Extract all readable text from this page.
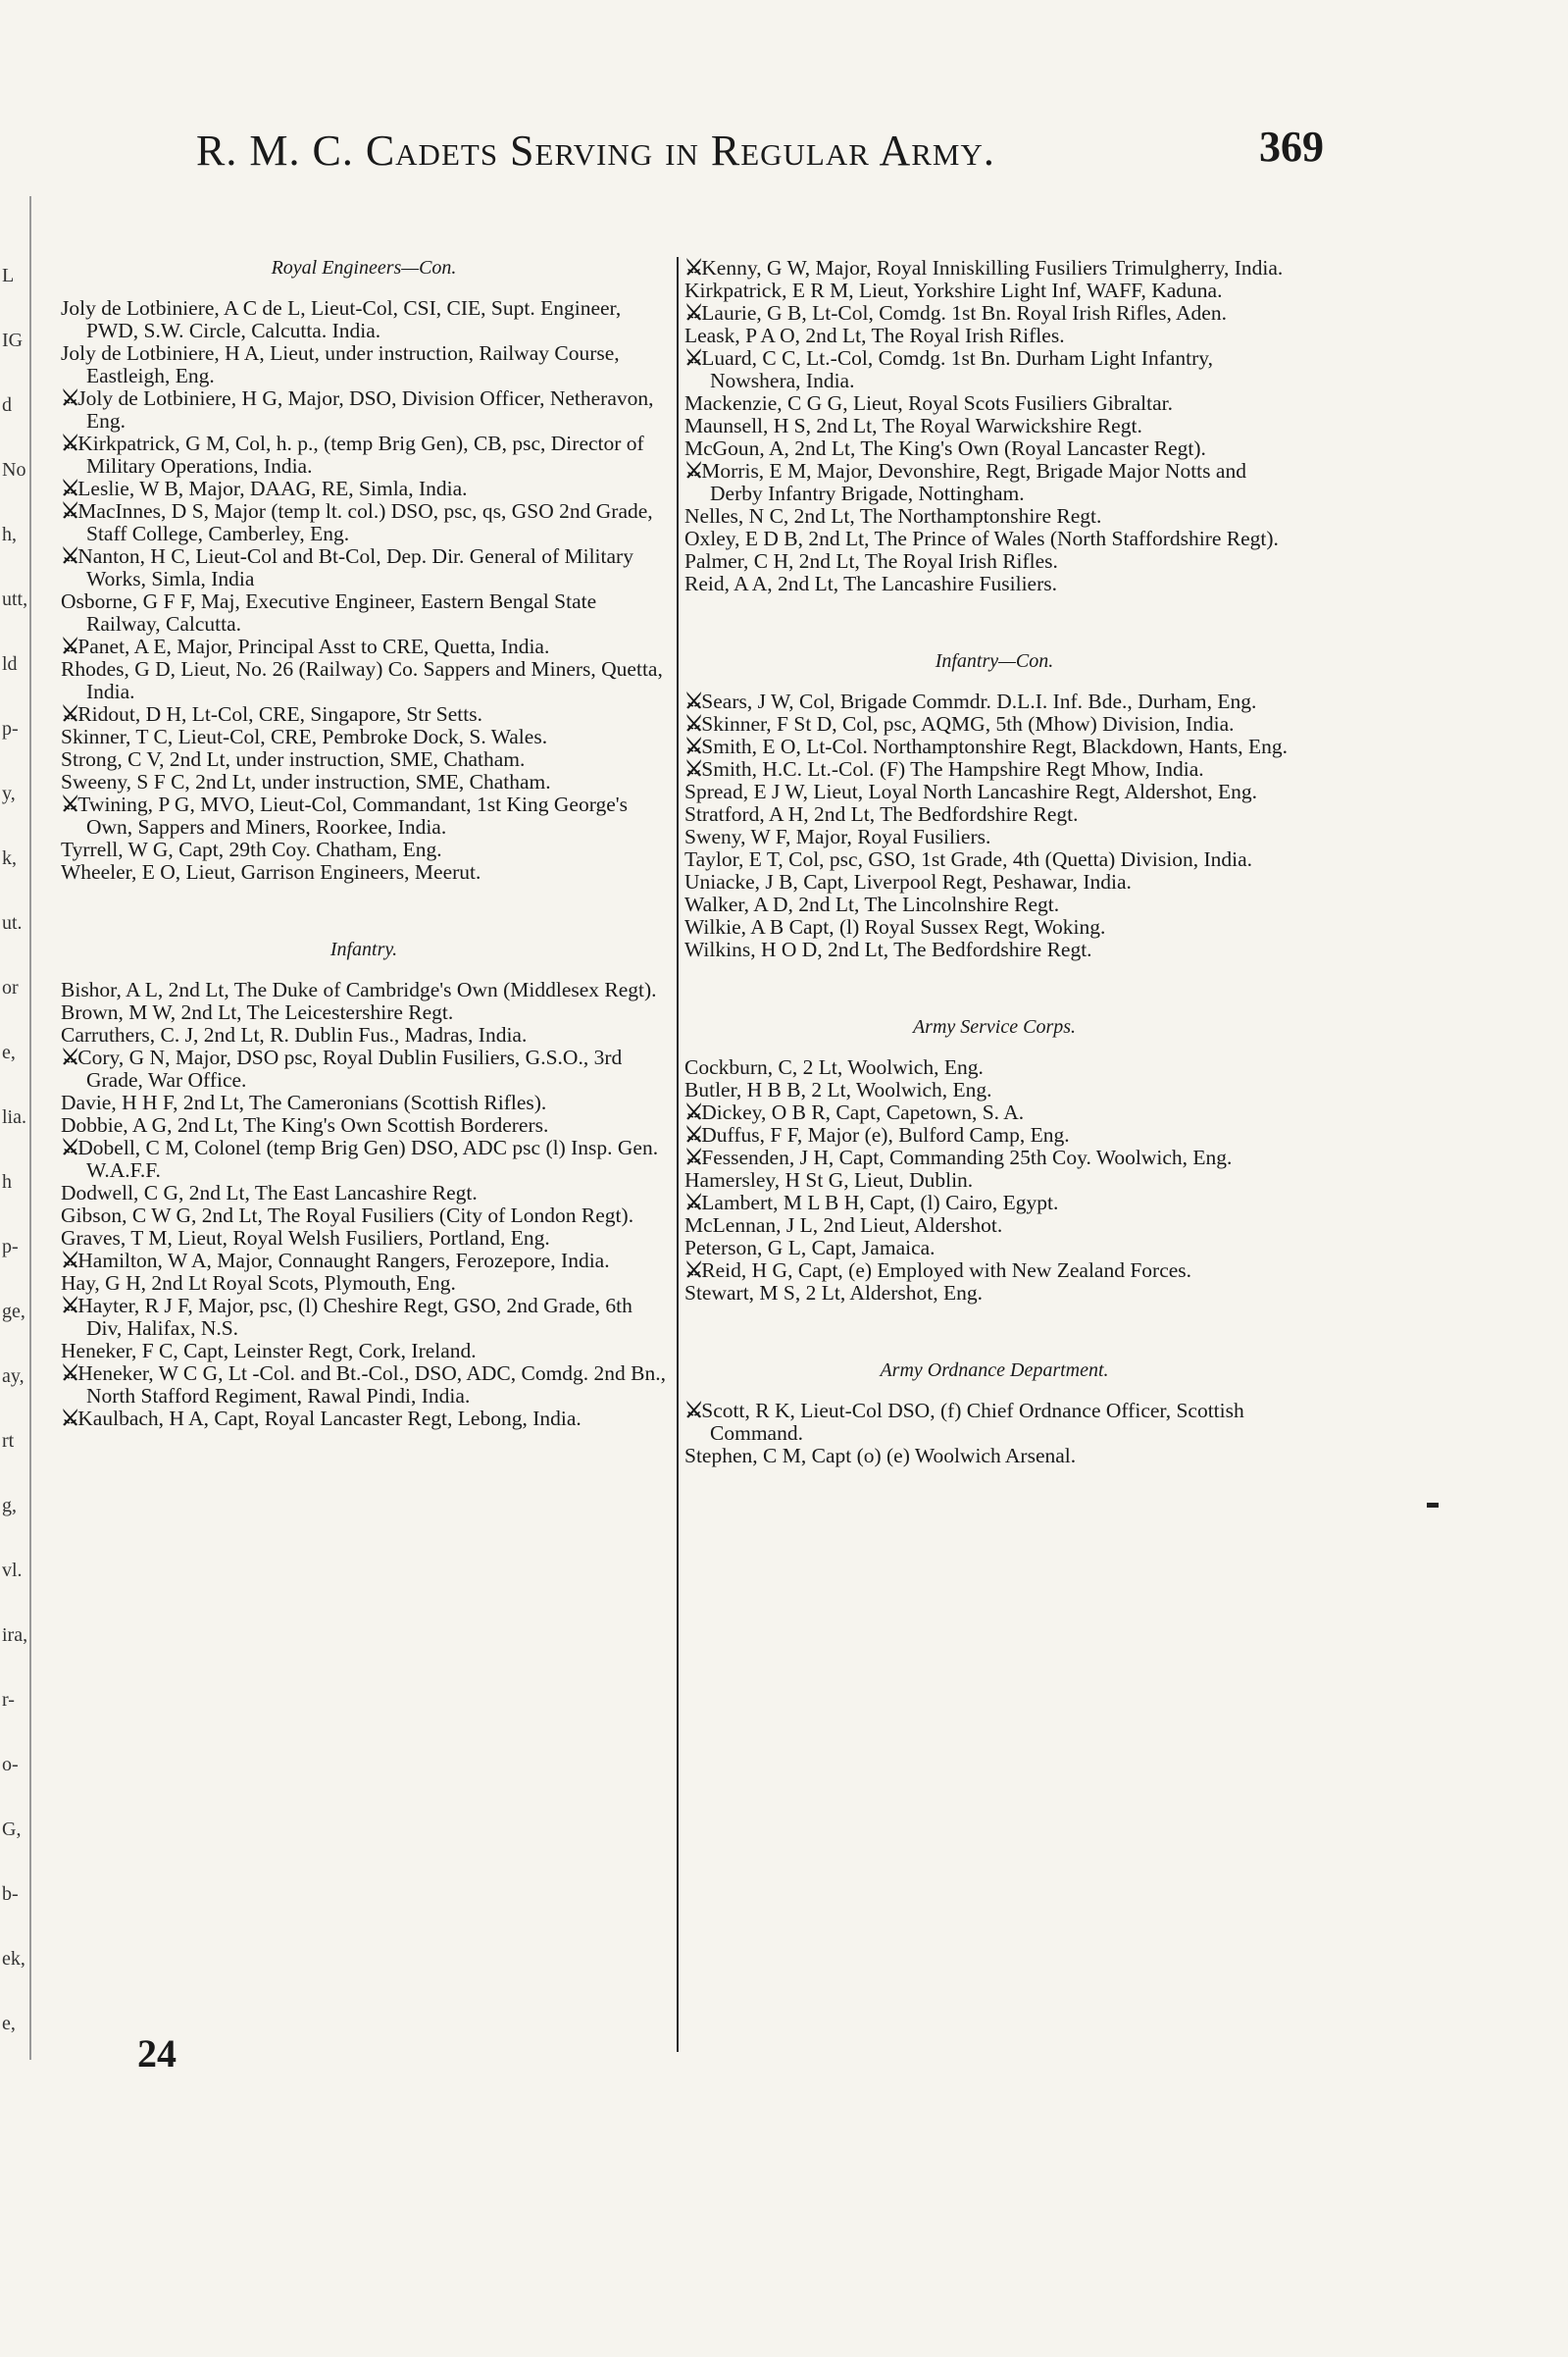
L
IG
d
No
h,
utt,
ld
p-
y,
k,
ut.
or
e,
lia.
h
p-
ge,
ay,
rt
g,
vl.
ira,
r-
o-
G,
b-
ek,
e,
R. M. C. Cadets Serving in Regular Army.	369
Royal Engineers—Con.

Joly de Lotbiniere, A C de L, Lieut-Col, CSI, CIE, Supt. Engineer, PWD, S.W. Circle, Calcutta. India.

Joly de Lotbiniere, H A, Lieut, under instruction, Railway Course, Eastleigh, Eng.

⚔Joly de Lotbiniere, H G, Major, DSO, Division Officer, Netheravon, Eng.

⚔Kirkpatrick, G M, Col, h. p., (temp Brig Gen), CB, psc, Director of Military Operations, India.

⚔Leslie, W B, Major, DAAG, RE, Simla, India.

⚔MacInnes, D S, Major (temp lt. col.) DSO, psc, qs, GSO 2nd Grade, Staff College, Camberley, Eng.

⚔Nanton, H C, Lieut-Col and Bt-Col, Dep. Dir. General of Military Works, Simla, India

Osborne, G F F, Maj, Executive Engineer, Eastern Bengal State Railway, Calcutta.

⚔Panet, A E, Major, Principal Asst to CRE, Quetta, India.

Rhodes, G D, Lieut, No. 26 (Railway) Co. Sappers and Miners, Quetta, India.

⚔Ridout, D H, Lt-Col, CRE, Singapore, Str Setts.

Skinner, T C, Lieut-Col, CRE, Pembroke Dock, S. Wales.

Strong, C V, 2nd Lt, under instruction, SME, Chatham.

Sweeny, S F C, 2nd Lt, under instruction, SME, Chatham.

⚔Twining, P G, MVO, Lieut-Col, Commandant, 1st King George's Own, Sappers and Miners, Roorkee, India.

Tyrrell, W G, Capt, 29th Coy. Chatham, Eng.

Wheeler, E O, Lieut, Garrison Engineers, Meerut.

Infantry.

Bishor, A L, 2nd Lt, The Duke of Cambridge's Own (Middlesex Regt).

Brown, M W, 2nd Lt, The Leicestershire Regt.

Carruthers, C. J, 2nd Lt, R. Dublin Fus., Madras, India.

⚔Cory, G N, Major, DSO psc, Royal Dublin Fusiliers, G.S.O., 3rd Grade, War Office.

Davie, H H F, 2nd Lt, The Cameronians (Scottish Rifles).

Dobbie, A G, 2nd Lt, The King's Own Scottish Borderers.

⚔Dobell, C M, Colonel (temp Brig Gen) DSO, ADC psc (l) Insp. Gen. W.A.F.F.

Dodwell, C G, 2nd Lt, The East Lancashire Regt.

Gibson, C W G, 2nd Lt, The Royal Fusiliers (City of London Regt).

Graves, T M, Lieut, Royal Welsh Fusiliers, Portland, Eng.

⚔Hamilton, W A, Major, Connaught Rangers, Ferozepore, India.

Hay, G H, 2nd Lt Royal Scots, Plymouth, Eng.

⚔Hayter, R J F, Major, psc, (l) Cheshire Regt, GSO, 2nd Grade, 6th Div, Halifax, N.S.

Heneker, F C, Capt, Leinster Regt, Cork, Ireland.

⚔Heneker, W C G, Lt -Col. and Bt.-Col., DSO, ADC, Comdg. 2nd Bn., North Stafford Regiment, Rawal Pindi, India.

⚔Kaulbach, H A, Capt, Royal Lancaster Regt, Lebong, India.

⚔Kenny, G W, Major, Royal Inniskilling Fusiliers Trimulgherry, India.

Kirkpatrick, E R M, Lieut, Yorkshire Light Inf, WAFF, Kaduna.

⚔Laurie, G B, Lt-Col, Comdg. 1st Bn. Royal Irish Rifles, Aden.

Leask, P A O, 2nd Lt, The Royal Irish Rifles.

⚔Luard, C C, Lt.-Col, Comdg. 1st Bn. Durham Light Infantry, Nowshera, India.

Mackenzie, C G G, Lieut, Royal Scots Fusiliers Gibraltar.

Maunsell, H S, 2nd Lt, The Royal Warwickshire Regt.

McGoun, A, 2nd Lt, The King's Own (Royal Lancaster Regt).

⚔Morris, E M, Major, Devonshire, Regt, Brigade Major Notts and Derby Infantry Brigade, Nottingham.

Nelles, N C, 2nd Lt, The Northamptonshire Regt.

Oxley, E D B, 2nd Lt, The Prince of Wales (North Staffordshire Regt).

Palmer, C H, 2nd Lt, The Royal Irish Rifles.

Reid, A A, 2nd Lt, The Lancashire Fusiliers.

Infantry—Con.

⚔Sears, J W, Col, Brigade Commdr. D.L.I. Inf. Bde., Durham, Eng.

⚔Skinner, F St D, Col, psc, AQMG, 5th (Mhow) Division, India.

⚔Smith, E O, Lt-Col. Northamptonshire Regt, Blackdown, Hants, Eng.

⚔Smith, H.C. Lt.-Col. (F) The Hampshire Regt Mhow, India.

Spread, E J W, Lieut, Loyal North Lancashire Regt, Aldershot, Eng.

Stratford, A H, 2nd Lt, The Bedfordshire Regt.

Sweny, W F, Major, Royal Fusiliers.

Taylor, E T, Col, psc, GSO, 1st Grade, 4th (Quetta) Division, India.

Uniacke, J B, Capt, Liverpool Regt, Peshawar, India.

Walker, A D, 2nd Lt, The Lincolnshire Regt.

Wilkie, A B Capt, (l) Royal Sussex Regt, Woking.

Wilkins, H O D, 2nd Lt, The Bedfordshire Regt.

Army Service Corps.

Cockburn, C, 2 Lt, Woolwich, Eng.

Butler, H B B, 2 Lt, Woolwich, Eng.

⚔Dickey, O B R, Capt, Capetown, S. A.

⚔Duffus, F F, Major (e), Bulford Camp, Eng.

⚔Fessenden, J H, Capt, Commanding 25th Coy. Woolwich, Eng.

Hamersley, H St G, Lieut, Dublin.

⚔Lambert, M L B H, Capt, (l) Cairo, Egypt.

McLennan, J L, 2nd Lieut, Aldershot.

Peterson, G L, Capt, Jamaica.

⚔Reid, H G, Capt, (e) Employed with New Zealand Forces.

Stewart, M S, 2 Lt, Aldershot, Eng.

Army Ordnance Department.

⚔Scott, R K, Lieut-Col DSO, (f) Chief Ordnance Officer, Scottish Command.

Stephen, C M, Capt (o) (e) Woolwich Arsenal.

24
